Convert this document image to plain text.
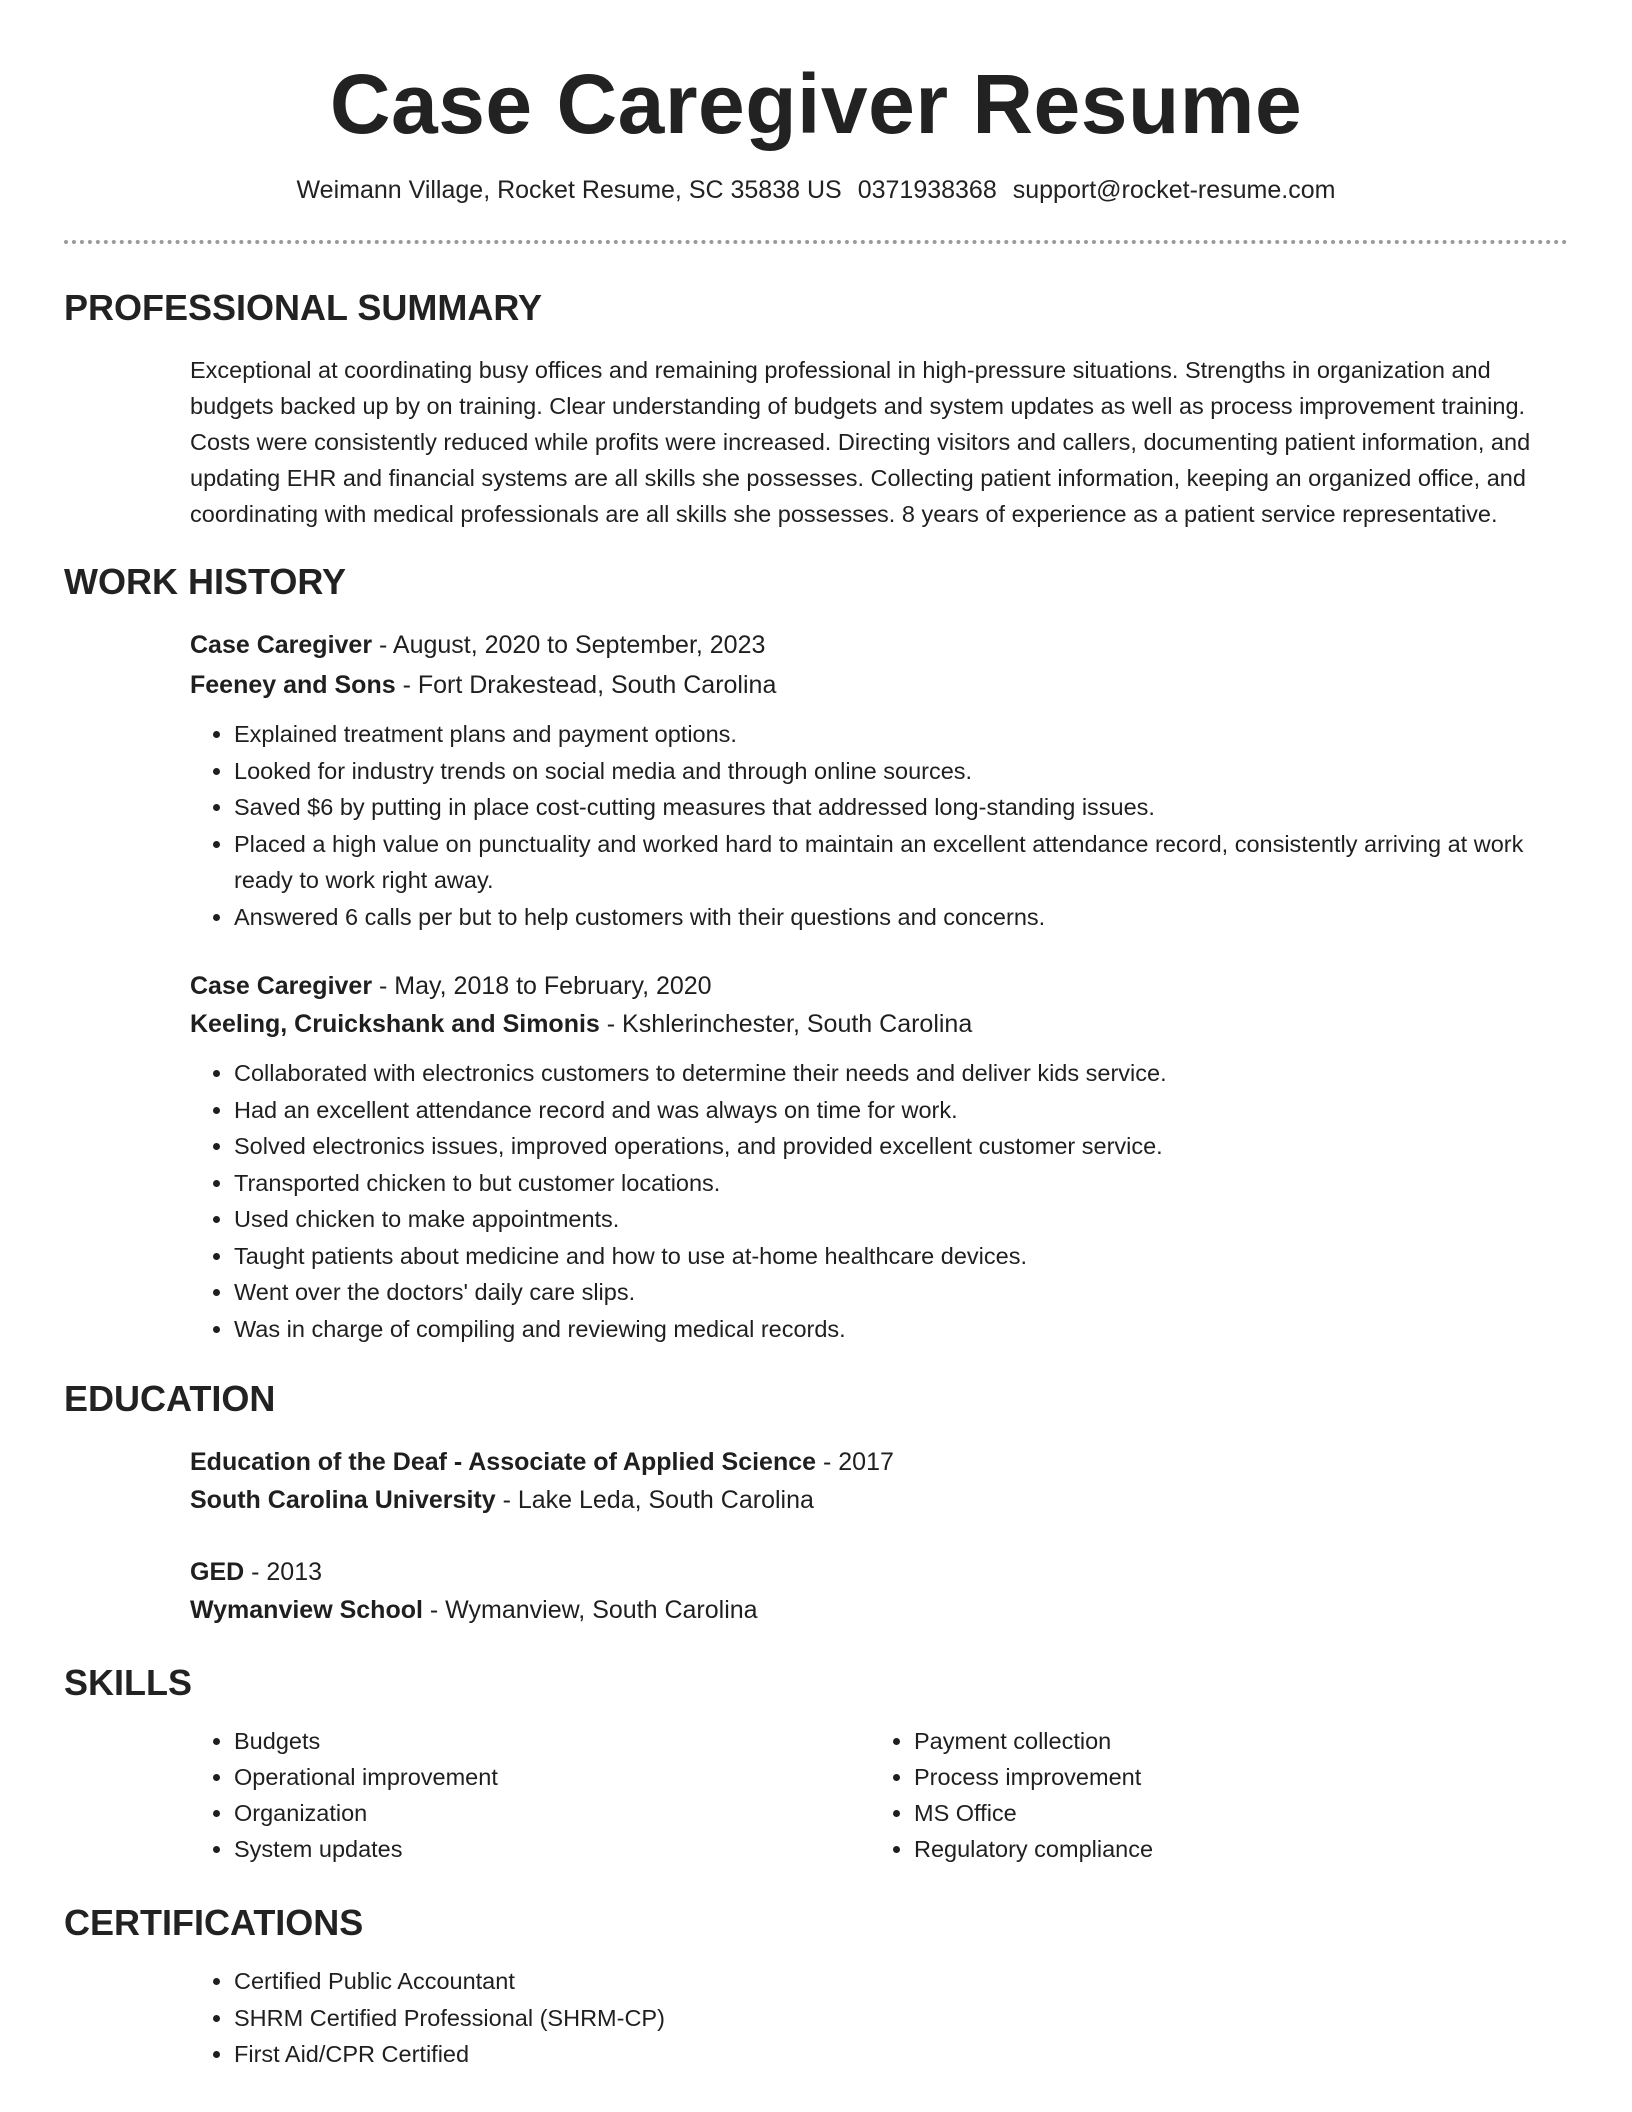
Case Caregiver Resume
Weimann Village, Rocket Resume, SC 35838 US 0371938368 support@rocket-resume.com
PROFESSIONAL SUMMARY

Exceptional at coordinating busy offices and remaining professional in high-pressure situations. Strengths in organization and budgets backed up by on training. Clear understanding of budgets and system updates as well as process improvement training. Costs were consistently reduced while profits were increased. Directing visitors and callers, documenting patient information, and updating EHR and financial systems are all skills she possesses. Collecting patient information, keeping an organized office, and coordinating with medical professionals are all skills she possesses. 8 years of experience as a patient service representative.

WORK HISTORY
Case Caregiver - August, 2020 to September, 2023
Feeney and Sons - Fort Drakestead, South Carolina
• Explained treatment plans and payment options.
• Looked for industry trends on social media and through online sources.
• Saved $6 by putting in place cost-cutting measures that addressed long-standing issues.
• Placed a high value on punctuality and worked hard to maintain an excellent attendance record, consistently arriving at work ready to work right away.
• Answered 6 calls per but to help customers with their questions and concerns.
Case Caregiver - May, 2018 to February, 2020
Keeling, Cruickshank and Simonis - Kshlerinchester, South Carolina
• Collaborated with electronics customers to determine their needs and deliver kids service.
• Had an excellent attendance record and was always on time for work.
• Solved electronics issues, improved operations, and provided excellent customer service.
• Transported chicken to but customer locations.
• Used chicken to make appointments.
• Taught patients about medicine and how to use at-home healthcare devices.
• Went over the doctors' daily care slips.
• Was in charge of compiling and reviewing medical records.
EDUCATION
Education of the Deaf - Associate of Applied Science - 2017
South Carolina University - Lake Leda, South Carolina
GED - 2013
Wymanview School - Wymanview, South Carolina
SKILLS
• Budgets
• Operational improvement
• Organization
• System updates
• Payment collection
• Process improvement
• MS Office
• Regulatory compliance
CERTIFICATIONS
• Certified Public Accountant
• SHRM Certified Professional (SHRM-CP)
• First Aid/CPR Certified
